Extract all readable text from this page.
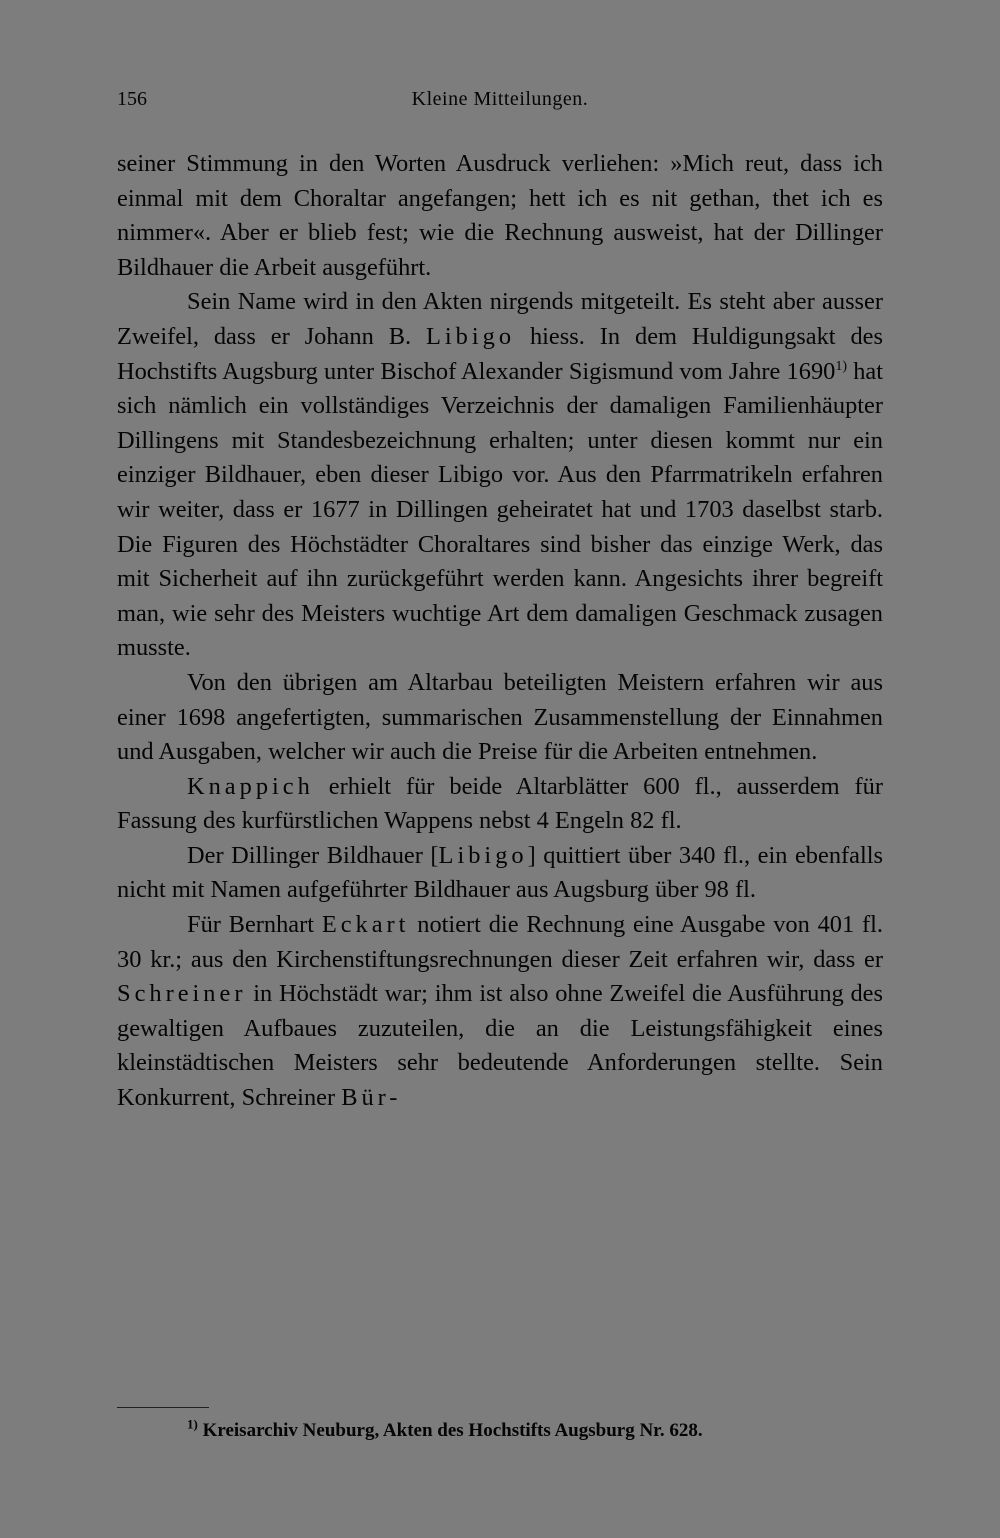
156	Kleine Mitteilungen.

seiner Stimmung in den Worten Ausdruck verliehen: »Mich reut, dass ich einmal mit dem Choraltar angefangen; hett ich es nit gethan, thet ich es nimmer«. Aber er blieb fest; wie die Rechnung ausweist, hat der Dillinger Bildhauer die Arbeit ausgeführt.

Sein Name wird in den Akten nirgends mitgeteilt. Es steht aber ausser Zweifel, dass er Johann B. Libigo hiess. In dem Huldigungsakt des Hochstifts Augsburg unter Bischof Alexander Sigismund vom Jahre 1690$^{1)}$ hat sich nämlich ein vollständiges Verzeichnis der damaligen Familienhäupter Dillingens mit Standesbezeichnung erhalten; unter diesen kommt nur ein einziger Bildhauer, eben dieser Libigo vor. Aus den Pfarrmatrikeln erfahren wir weiter, dass er 1677 in Dillingen geheiratet hat und 1703 daselbst starb. Die Figuren des Höchstädter Choraltares sind bisher das einzige Werk, das mit Sicherheit auf ihn zurückgeführt werden kann. Angesichts ihrer begreift man, wie sehr des Meisters wuchtige Art dem damaligen Geschmack zusagen musste.

Von den übrigen am Altarbau beteiligten Meistern erfahren wir aus einer 1698 angefertigten, summarischen Zusammenstellung der Einnahmen und Ausgaben, welcher wir auch die Preise für die Arbeiten entnehmen.

Knappich erhielt für beide Altarblätter 600 fl., ausserdem für Fassung des kurfürstlichen Wappens nebst 4 Engeln 82 fl.

Der Dillinger Bildhauer [Libigo] quittiert über 340 fl., ein ebenfalls nicht mit Namen aufgeführter Bildhauer aus Augsburg über 98 fl.

Für Bernhart Eckart notiert die Rechnung eine Ausgabe von 401 fl. 30 kr.; aus den Kirchenstiftungsrechnungen dieser Zeit erfahren wir, dass er Schreiner in Höchstädt war; ihm ist also ohne Zweifel die Ausführung des gewaltigen Aufbaues zuzuteilen, die an die Leistungsfähigkeit eines kleinstädtischen Meisters sehr bedeutende Anforderungen stellte. Sein Konkurrent, Schreiner Bür-

$^{1)}$ Kreisarchiv Neuburg, Akten des Hochstifts Augsburg Nr. 628.
